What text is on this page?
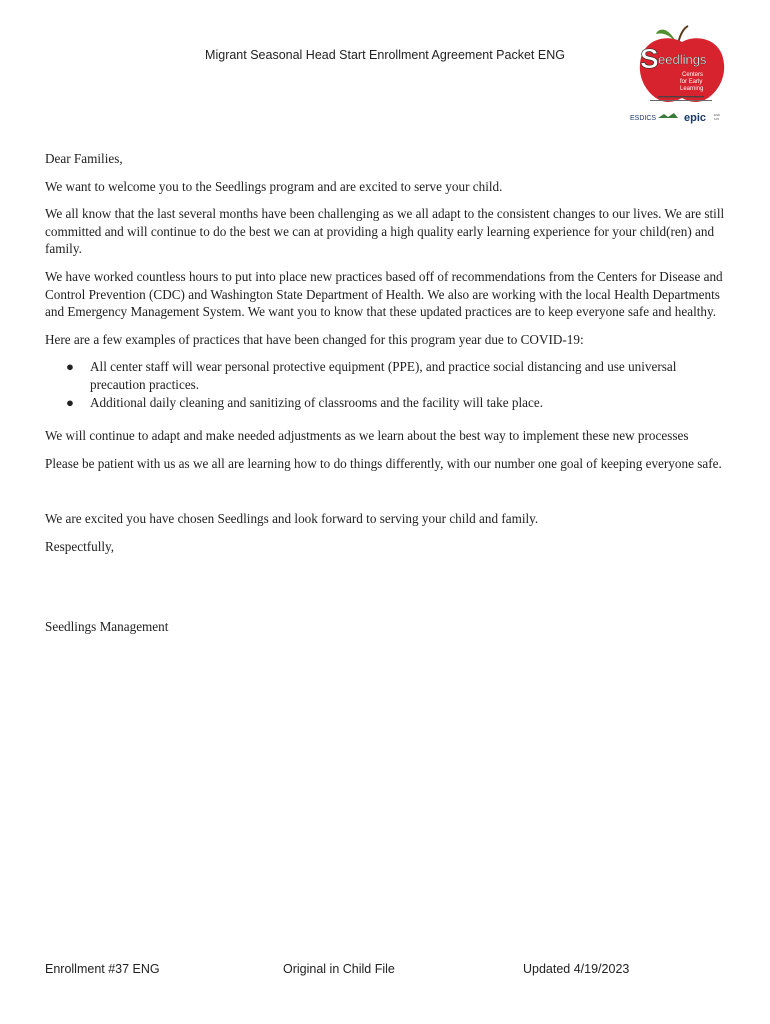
Migrant Seasonal Head Start Enrollment Agreement Packet ENG	S eedlings
Centers
for Early
Learning
ESDICS	epic	ESD
105

Dear Families,

We want to welcome you to the Seedlings program and are excited to serve your child.

We all know that the last several months have been challenging as we all adapt to the consistent changes to our lives. We are still committed and will continue to do the best we can at providing a high quality early learning experience for your child(ren) and family.

We have worked countless hours to put into place new practices based off of recommendations from the Centers for Disease and Control Prevention (CDC) and Washington State Department of Health. We also are working with the local Health Departments and Emergency Management System. We want you to know that these updated practices are to keep everyone safe and healthy.

Here are a few examples of practices that have been changed for this program year due to COVID-19:

● All center staff will wear personal protective equipment (PPE), and practice social distancing and use universal precaution practices.
● Additional daily cleaning and sanitizing of classrooms and the facility will take place.

We will continue to adapt and make needed adjustments as we learn about the best way to implement these new processes

Please be patient with us as we all are learning how to do things differently, with our number one goal of keeping everyone safe.

We are excited you have chosen Seedlings and look forward to serving your child and family.

Respectfully,

Seedlings Management

Enrollment #37 ENG	Original in Child File	Updated 4/19/2023
